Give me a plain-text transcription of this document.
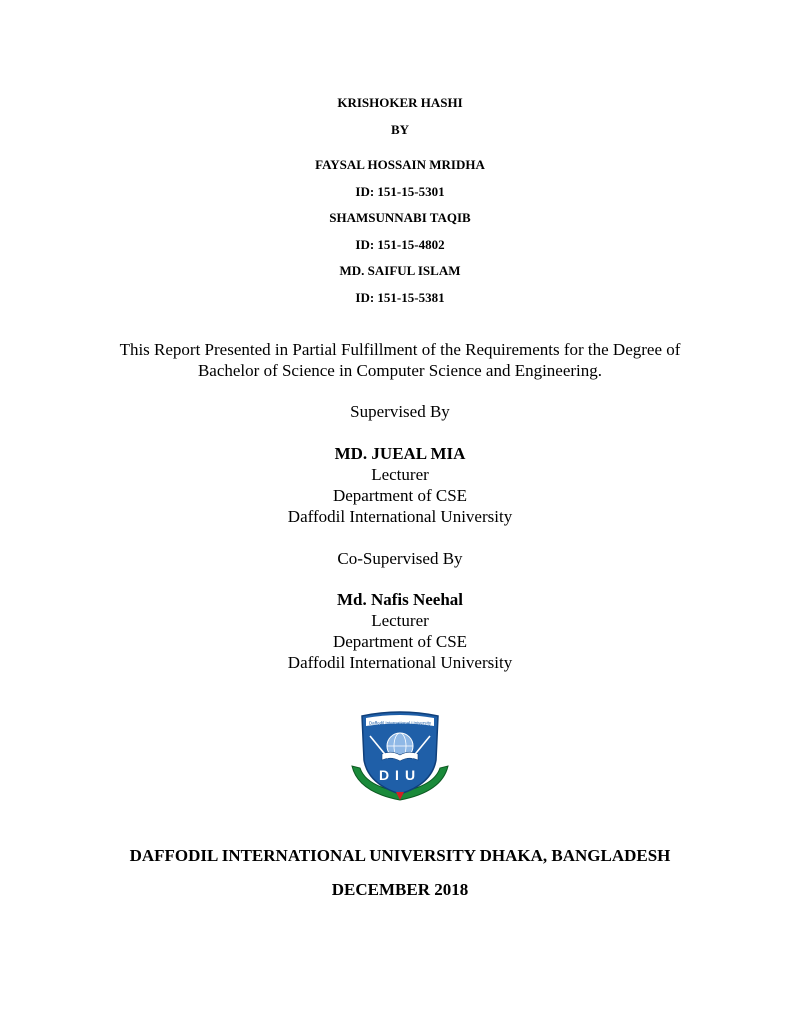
KRISHOKER HASHI
BY
FAYSAL HOSSAIN MRIDHA
ID: 151-15-5301
SHAMSUNNABI TAQIB
ID: 151-15-4802
MD. SAIFUL ISLAM
ID: 151-15-5381
This Report Presented in Partial Fulfillment of the Requirements for the Degree of
Bachelor of Science in Computer Science and Engineering.
Supervised By
MD. JUEAL MIA
Lecturer
Department of CSE
Daffodil International University
Co-Supervised By
Md. Nafis Neehal
Lecturer
Department of CSE
Daffodil International University
Daffodil International University
DIU
DAFFODIL INTERNATIONAL UNIVERSITY DHAKA, BANGLADESH
DECEMBER 2018
